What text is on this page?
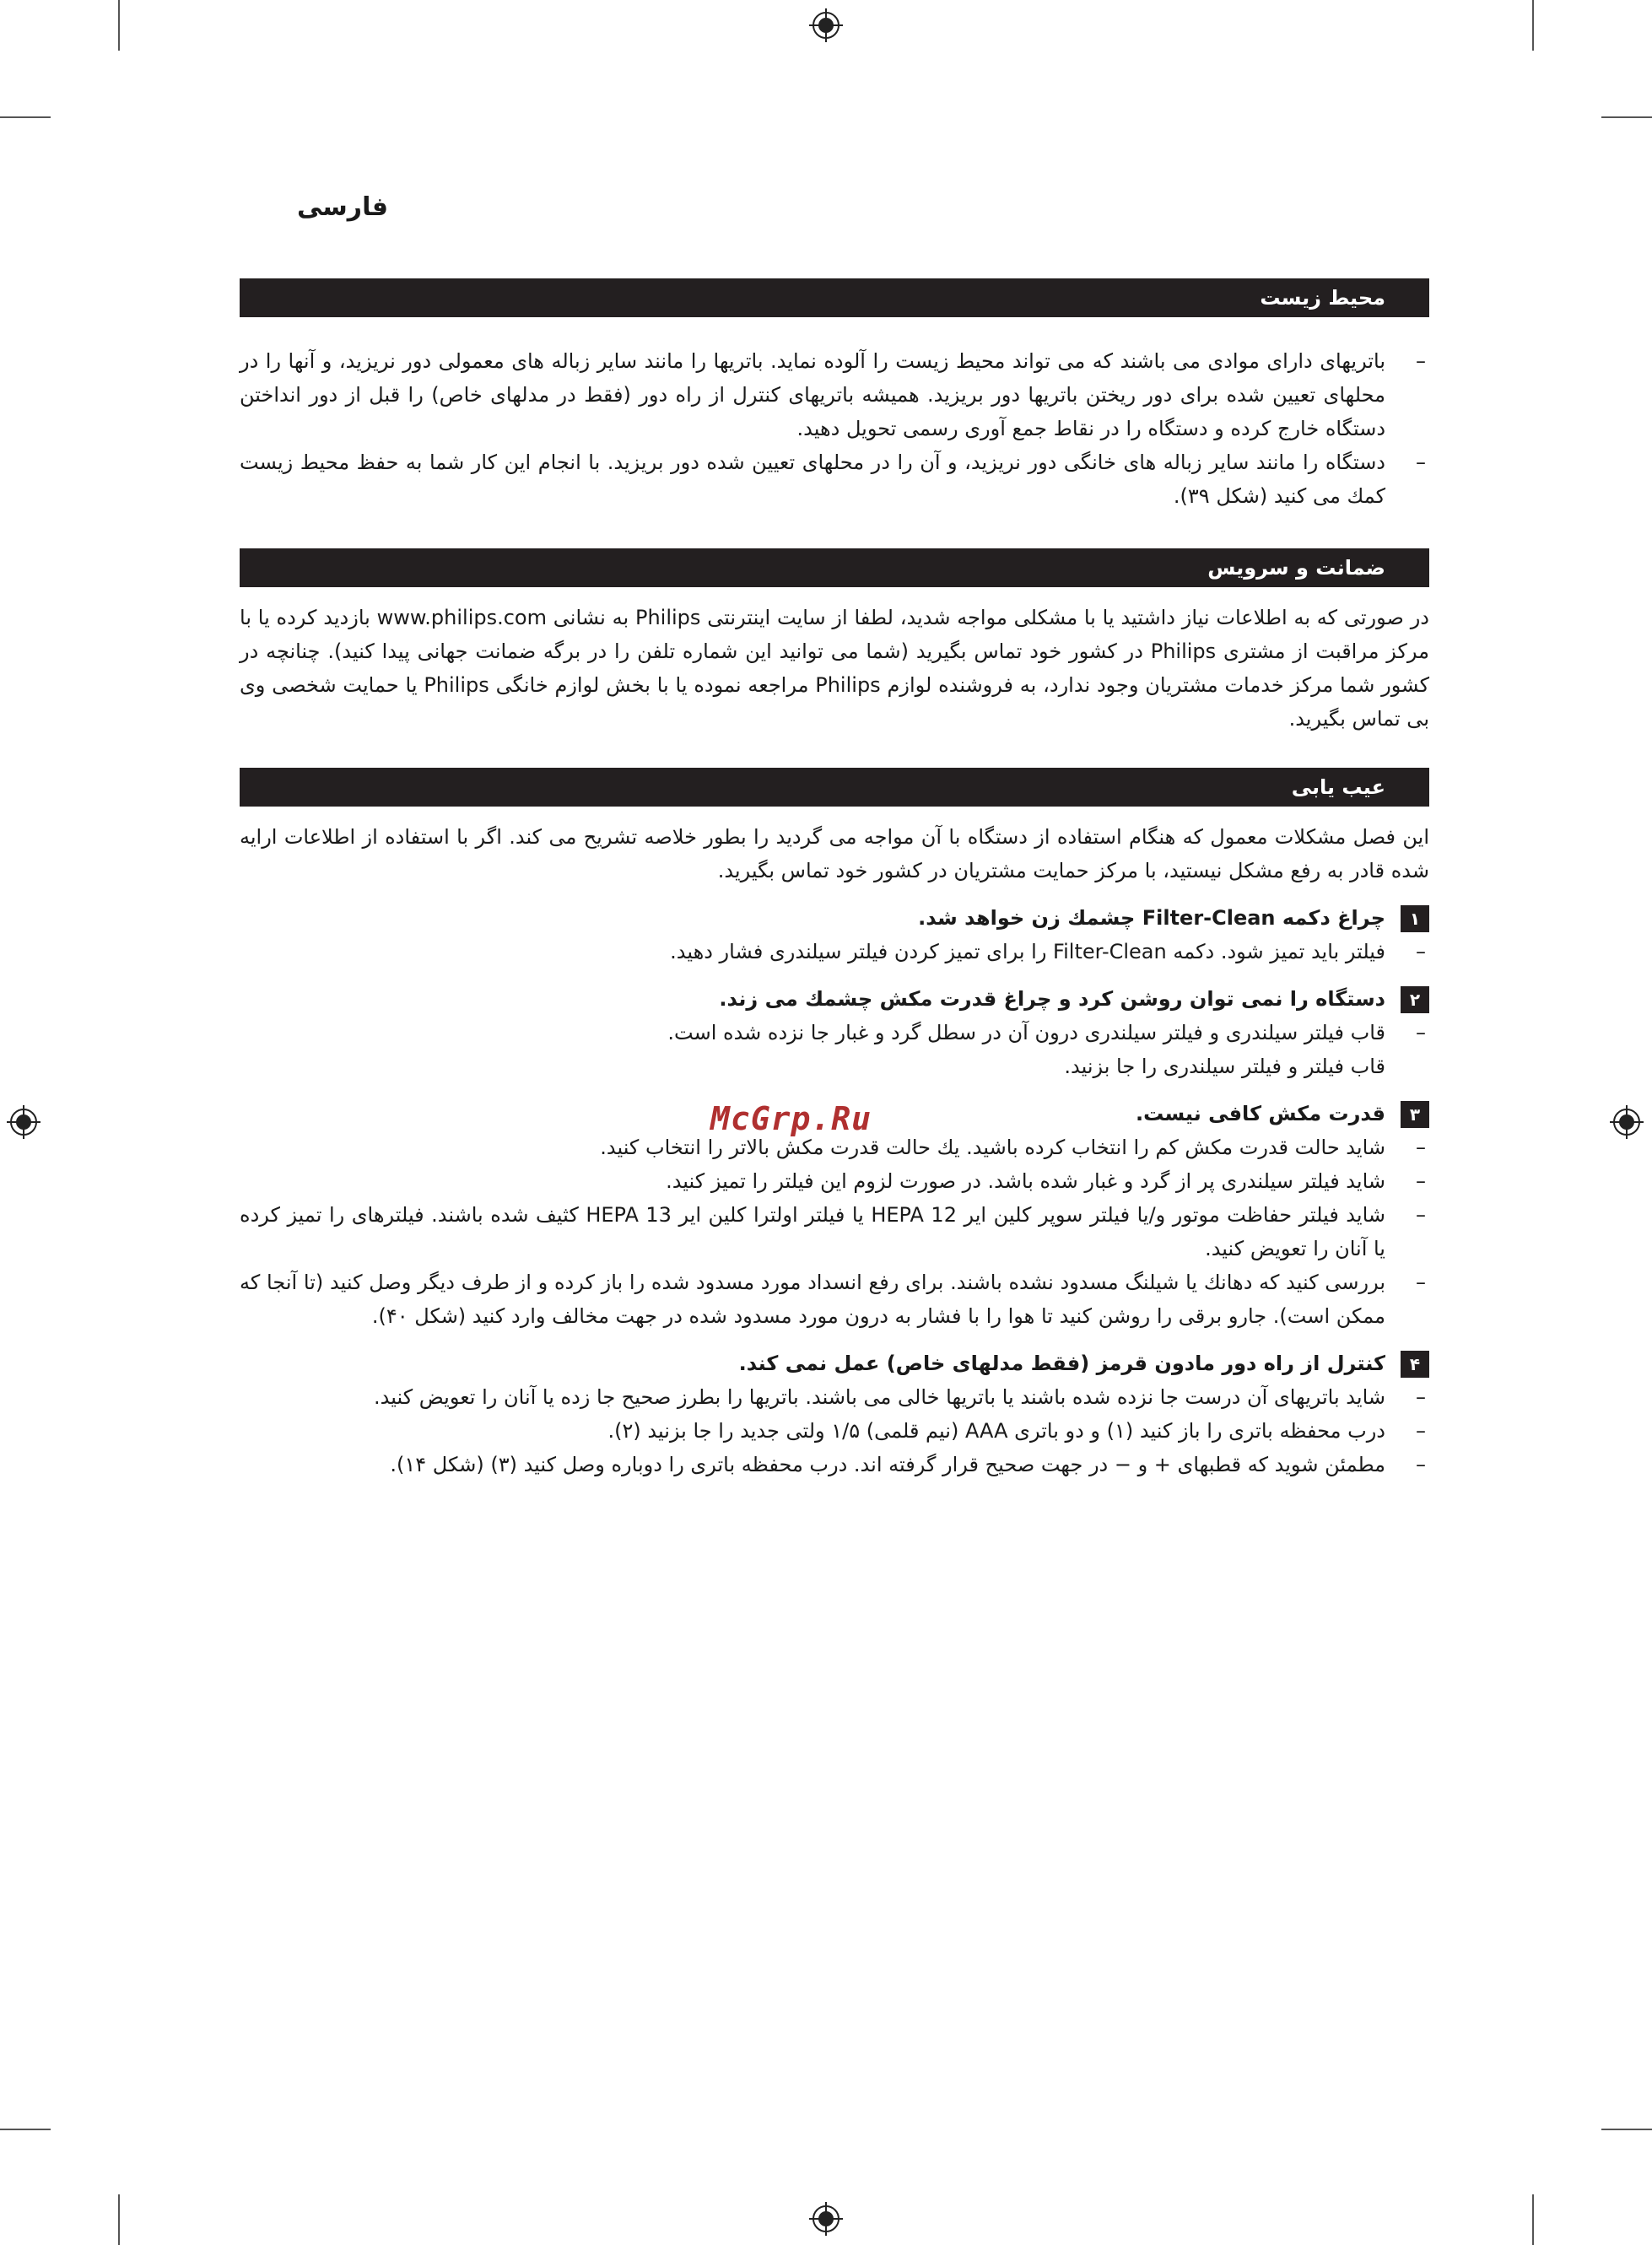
فارسی
محیط زیست
–
باتریهای دارای موادی می باشند که می تواند محیط زیست را آلوده نماید. باتریها را مانند سایر زباله های معمولی دور نریزید، و آنها را در محلهای تعیین شده برای دور ریختن باتریها دور بریزید. همیشه باتریهای کنترل از راه دور (فقط در مدلهای خاص) را قبل از دور انداختن دستگاه خارج کرده و دستگاه را در نقاط جمع آوری رسمی تحویل دهید.
–
دستگاه را مانند سایر زباله های خانگی دور نریزید، و آن را در محلهای تعیین شده دور بریزید. با انجام این کار شما به حفظ محیط زیست کمك می کنید (شکل ۳۹).
ضمانت و سرویس

در صورتی که به اطلاعات نیاز داشتید یا با مشکلی مواجه شدید، لطفا از سایت اینترنتی Philips به نشانی www.philips.com بازدید کرده یا با مرکز مراقبت از مشتری Philips در کشور خود تماس بگیرید (شما می توانید این شماره تلفن را در برگه ضمانت جهانی پیدا کنید). چنانچه در کشور شما مرکز خدمات مشتریان وجود ندارد، به فروشنده لوازم Philips مراجعه نموده یا با بخش لوازم خانگی Philips یا حمایت شخصی وی بی تماس بگیرید.

عیب یابی

این فصل مشکلات معمول که هنگام استفاده از دستگاه با آن مواجه می گردید را بطور خلاصه تشریح می کند. اگر با استفاده از اطلاعات ارایه شده قادر به رفع مشکل نیستید، با مرکز حمایت مشتریان در کشور خود تماس بگیرید.

۱
چراغ دکمه Filter-Clean چشمك زن خواهد شد.
–
فیلتر باید تمیز شود. دکمه Filter-Clean را برای تمیز کردن فیلتر سیلندری فشار دهید.
۲
دستگاه را نمی توان روشن کرد و چراغ قدرت مکش چشمك می زند.
–
قاب فیلتر سیلندری و فیلتر سیلندری درون آن در سطل گرد و غبار جا نزده شده است.
قاب فیلتر و فیلتر سیلندری را جا بزنید.
۳
قدرت مکش کافی نیست.
–
شاید حالت قدرت مکش کم را انتخاب کرده باشید. یك حالت قدرت مکش بالاتر را انتخاب کنید.
–
شاید فیلتر سیلندری پر از گرد و غبار شده باشد. در صورت لزوم این فیلتر را تمیز کنید.
–
شاید فیلتر حفاظت موتور و/یا فیلتر سوپر کلین ایر HEPA 12 یا فیلتر اولترا کلین ایر HEPA 13 کثیف شده باشند. فیلترهای را تمیز کرده یا آنان را تعویض کنید.
–
بررسی کنید که دهانك یا شیلنگ مسدود نشده باشند. برای رفع انسداد مورد مسدود شده را باز کرده و از طرف دیگر وصل کنید (تا آنجا که ممکن است). جارو برقی را روشن کنید تا هوا را با فشار به درون مورد مسدود شده در جهت مخالف وارد کنید (شکل ۴۰).
۴
کنترل از راه دور مادون قرمز (فقط مدلهای خاص) عمل نمی کند.
–
شاید باتریهای آن درست جا نزده شده باشند یا باتریها خالی می باشند. باتریها را بطرز صحیح جا زده یا آنان را تعویض کنید.
–
درب محفظه باتری را باز کنید (۱) و دو باتری AAA (نیم قلمی) ۱/۵ ولتی جدید را جا بزنید (۲).
–
مطمئن شوید که قطبهای + و − در جهت صحیح قرار گرفته اند. درب محفظه باتری را دوباره وصل کنید (۳) (شکل ۱۴).
McGrp.Ru
